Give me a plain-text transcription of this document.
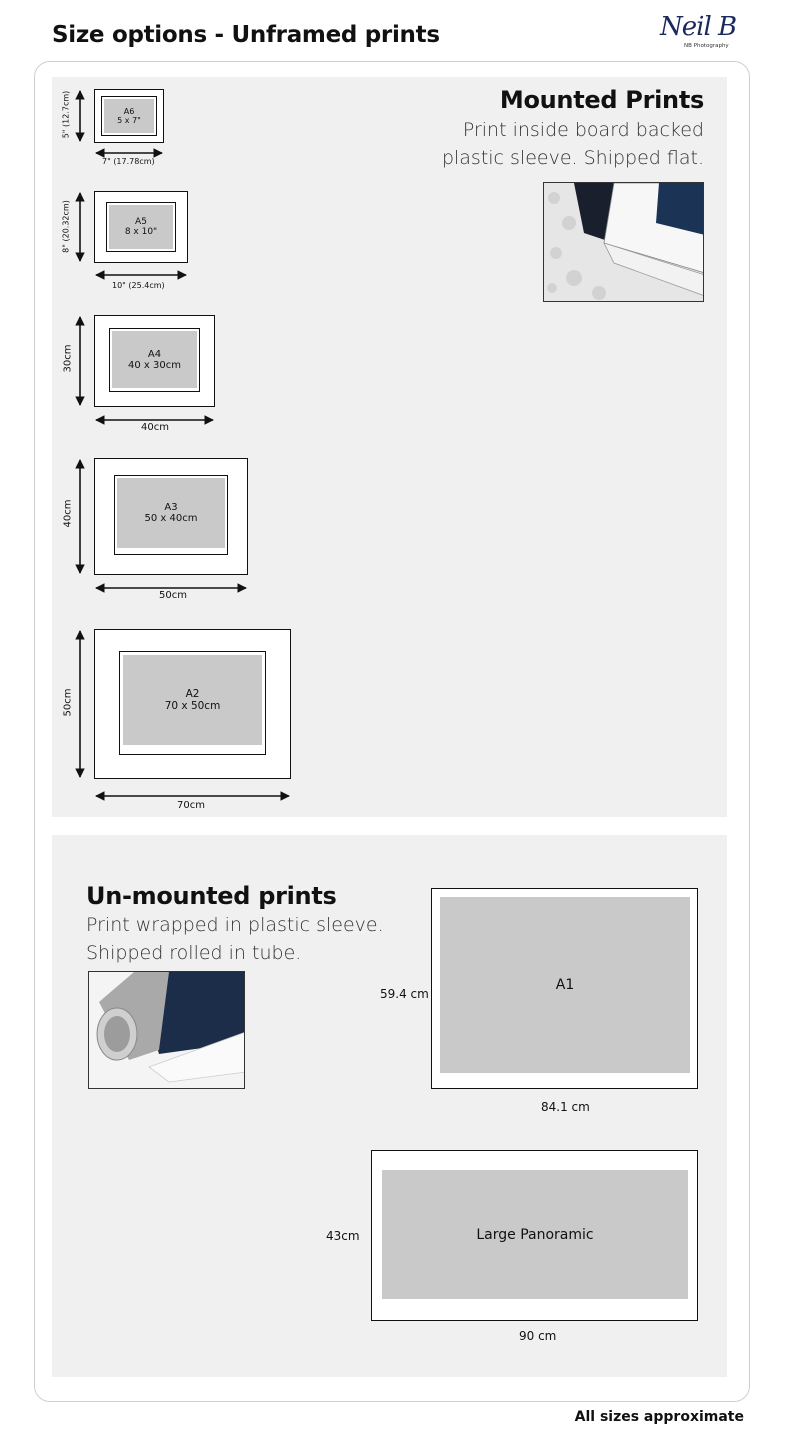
Size options - Unframed prints	Neil B
NB Photography
Mounted Prints
Print inside board backed
plastic sleeve. Shipped flat.
A6
5 x 7"
A5
8 x 10"
A4
40 x 30cm
A3
50 x 40cm
A2
70 x 50cm
7" (17.78cm)
5" (12.7cm)
10" (25.4cm)
8" (20.32cm)
40cm
30cm
50cm
40cm
70cm
50cm
Un-mounted prints
Print wrapped in plastic sleeve.
Shipped rolled in tube.
A1
84.1 cm
59.4 cm
Large Panoramic
90 cm
43cm
All sizes approximate
